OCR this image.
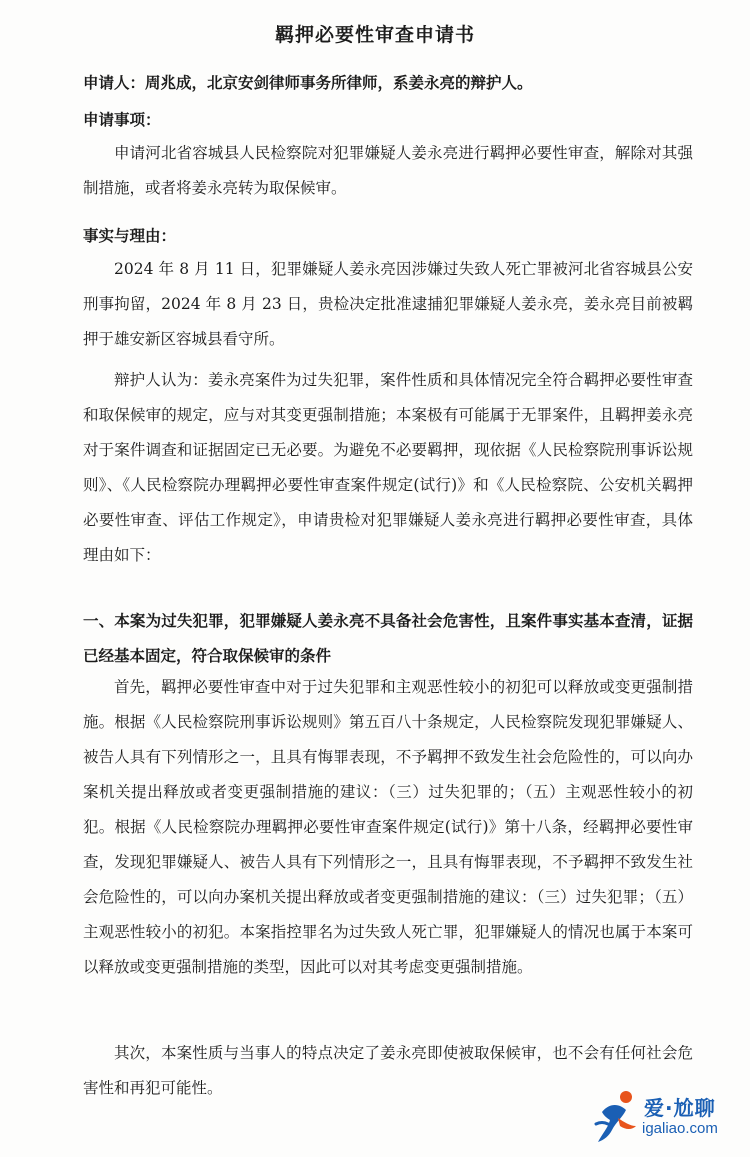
羁押必要性审查申请书
申请人：周兆成，北京安剑律师事务所律师，系姜永亮的辩护人。
申请事项：
申请河北省容城县人民检察院对犯罪嫌疑人姜永亮进行羁押必要性审查，解除对其强制措施，或者将姜永亮转为取保候审。
事实与理由：
2024 年 8 月 11 日，犯罪嫌疑人姜永亮因涉嫌过失致人死亡罪被河北省容城县公安刑事拘留，2024 年 8 月 23 日，贵检决定批准逮捕犯罪嫌疑人姜永亮，姜永亮目前被羁押于雄安新区容城县看守所。
辩护人认为：姜永亮案件为过失犯罪，案件性质和具体情况完全符合羁押必要性审查和取保候审的规定，应与对其变更强制措施；本案极有可能属于无罪案件，且羁押姜永亮对于案件调查和证据固定已无必要。为避免不必要羁押，现依据《人民检察院刑事诉讼规则》、《人民检察院办理羁押必要性审查案件规定(试行)》和《人民检察院、公安机关羁押必要性审查、评估工作规定》，申请贵检对犯罪嫌疑人姜永亮进行羁押必要性审查，具体理由如下：
一、本案为过失犯罪，犯罪嫌疑人姜永亮不具备社会危害性，且案件事实基本查清，证据已经基本固定，符合取保候审的条件
首先，羁押必要性审查中对于过失犯罪和主观恶性较小的初犯可以释放或变更强制措施。根据《人民检察院刑事诉讼规则》第五百八十条规定，人民检察院发现犯罪嫌疑人、被告人具有下列情形之一，且具有悔罪表现，不予羁押不致发生社会危险性的，可以向办案机关提出释放或者变更强制措施的建议：（三）过失犯罪的；（五）主观恶性较小的初犯。根据《人民检察院办理羁押必要性审查案件规定(试行)》第十八条，经羁押必要性审查，发现犯罪嫌疑人、被告人具有下列情形之一，且具有悔罪表现，不予羁押不致发生社会危险性的，可以向办案机关提出释放或者变更强制措施的建议：（三）过失犯罪；（五）主观恶性较小的初犯。本案指控罪名为过失致人死亡罪，犯罪嫌疑人的情况也属于本案可以释放或变更强制措施的类型，因此可以对其考虑变更强制措施。
其次，本案性质与当事人的特点决定了姜永亮即使被取保候审，也不会有任何社会危害性和再犯可能性。
爱·尬聊
igaliao.com
